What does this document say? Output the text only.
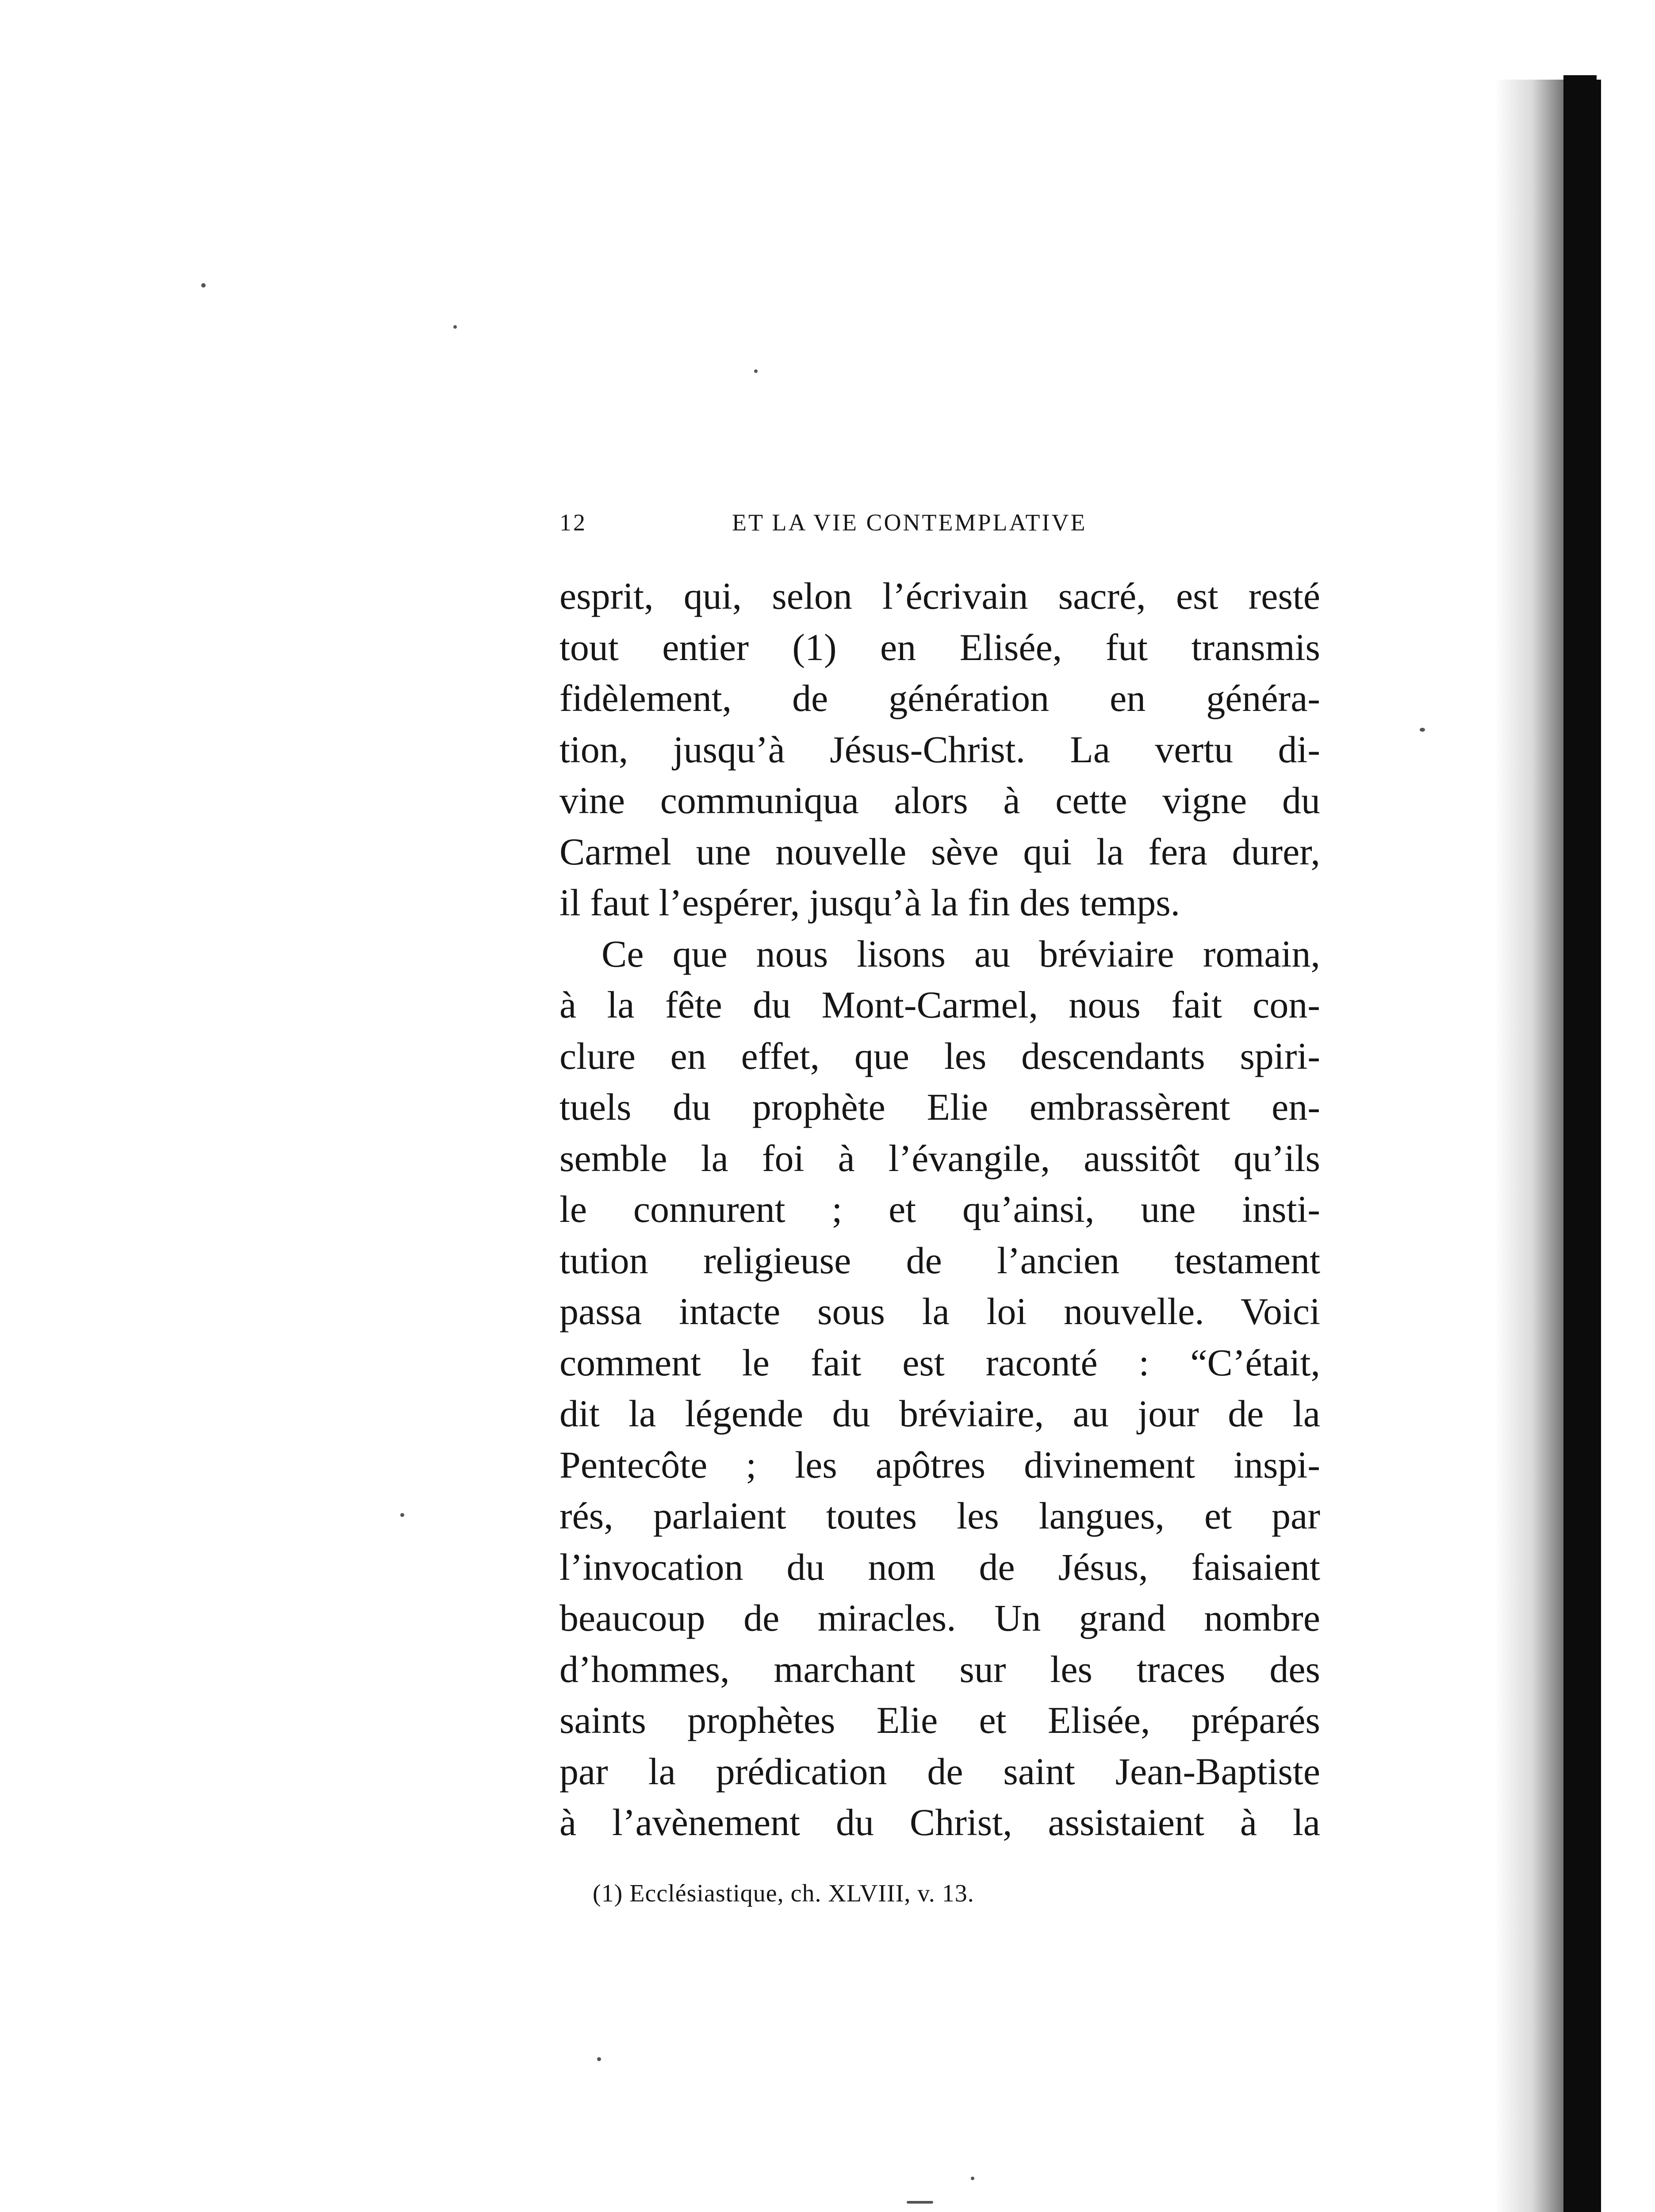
12	ET LA VIE CONTEMPLATIVE
esprit, qui, selon l’écrivain sacré, est resté
tout entier (1) en Elisée, fut transmis
fidèlement, de génération en généra-
tion, jusqu’à Jésus-Christ. La vertu di-
vine communiqua alors à cette vigne du
Carmel une nouvelle sève qui la fera durer,
il faut l’espérer, jusqu’à la fin des temps.
Ce que nous lisons au bréviaire romain,
à la fête du Mont-Carmel, nous fait con-
clure en effet, que les descendants spiri-
tuels du prophète Elie embrassèrent en-
semble la foi à l’évangile, aussitôt qu’ils
le connurent ; et qu’ainsi, une insti-
tution religieuse de l’ancien testament
passa intacte sous la loi nouvelle. Voici
comment le fait est raconté : “C’était,
dit la légende du bréviaire, au jour de la
Pentecôte ; les apôtres divinement inspi-
rés, parlaient toutes les langues, et par
l’invocation du nom de Jésus, faisaient
beaucoup de miracles. Un grand nombre
d’hommes, marchant sur les traces des
saints prophètes Elie et Elisée, préparés
par la prédication de saint Jean-Baptiste
à l’avènement du Christ, assistaient à la
(1) Ecclésiastique, ch. XLVIII, v. 13.
